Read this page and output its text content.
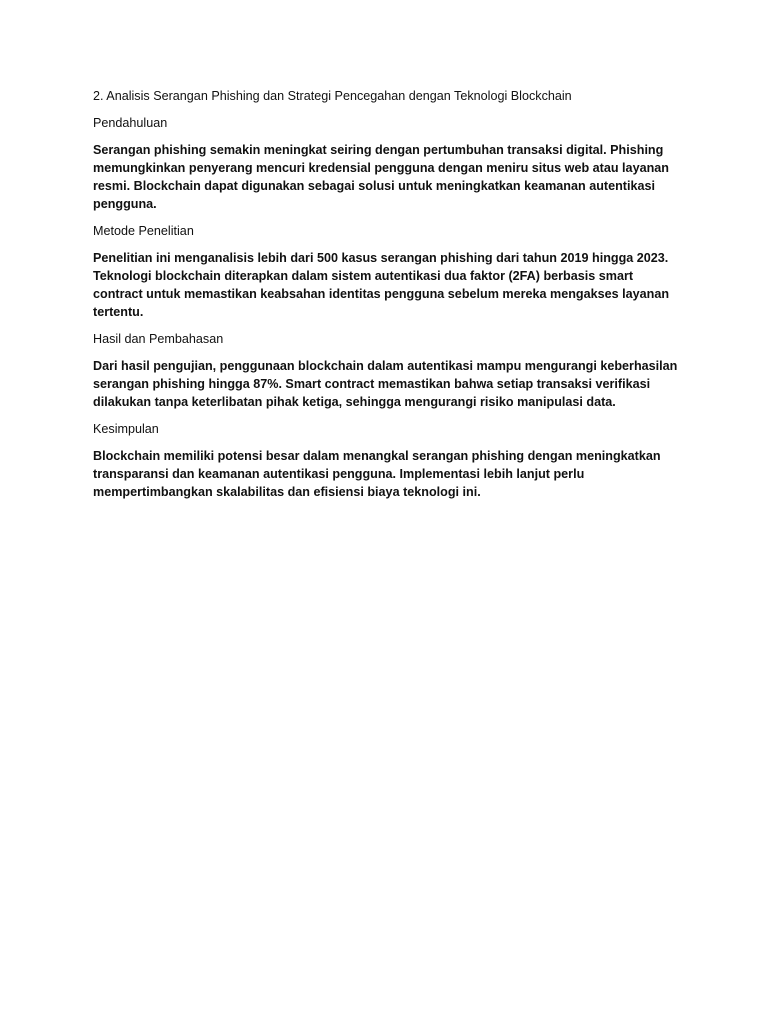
2. Analisis Serangan Phishing dan Strategi Pencegahan dengan Teknologi Blockchain

Pendahuluan

Serangan phishing semakin meningkat seiring dengan pertumbuhan transaksi digital. Phishing memungkinkan penyerang mencuri kredensial pengguna dengan meniru situs web atau layanan resmi. Blockchain dapat digunakan sebagai solusi untuk meningkatkan keamanan autentikasi pengguna.

Metode Penelitian

Penelitian ini menganalisis lebih dari 500 kasus serangan phishing dari tahun 2019 hingga 2023. Teknologi blockchain diterapkan dalam sistem autentikasi dua faktor (2FA) berbasis smart contract untuk memastikan keabsahan identitas pengguna sebelum mereka mengakses layanan tertentu.

Hasil dan Pembahasan

Dari hasil pengujian, penggunaan blockchain dalam autentikasi mampu mengurangi keberhasilan serangan phishing hingga 87%. Smart contract memastikan bahwa setiap transaksi verifikasi dilakukan tanpa keterlibatan pihak ketiga, sehingga mengurangi risiko manipulasi data.

Kesimpulan

Blockchain memiliki potensi besar dalam menangkal serangan phishing dengan meningkatkan transparansi dan keamanan autentikasi pengguna. Implementasi lebih lanjut perlu mempertimbangkan skalabilitas dan efisiensi biaya teknologi ini.
